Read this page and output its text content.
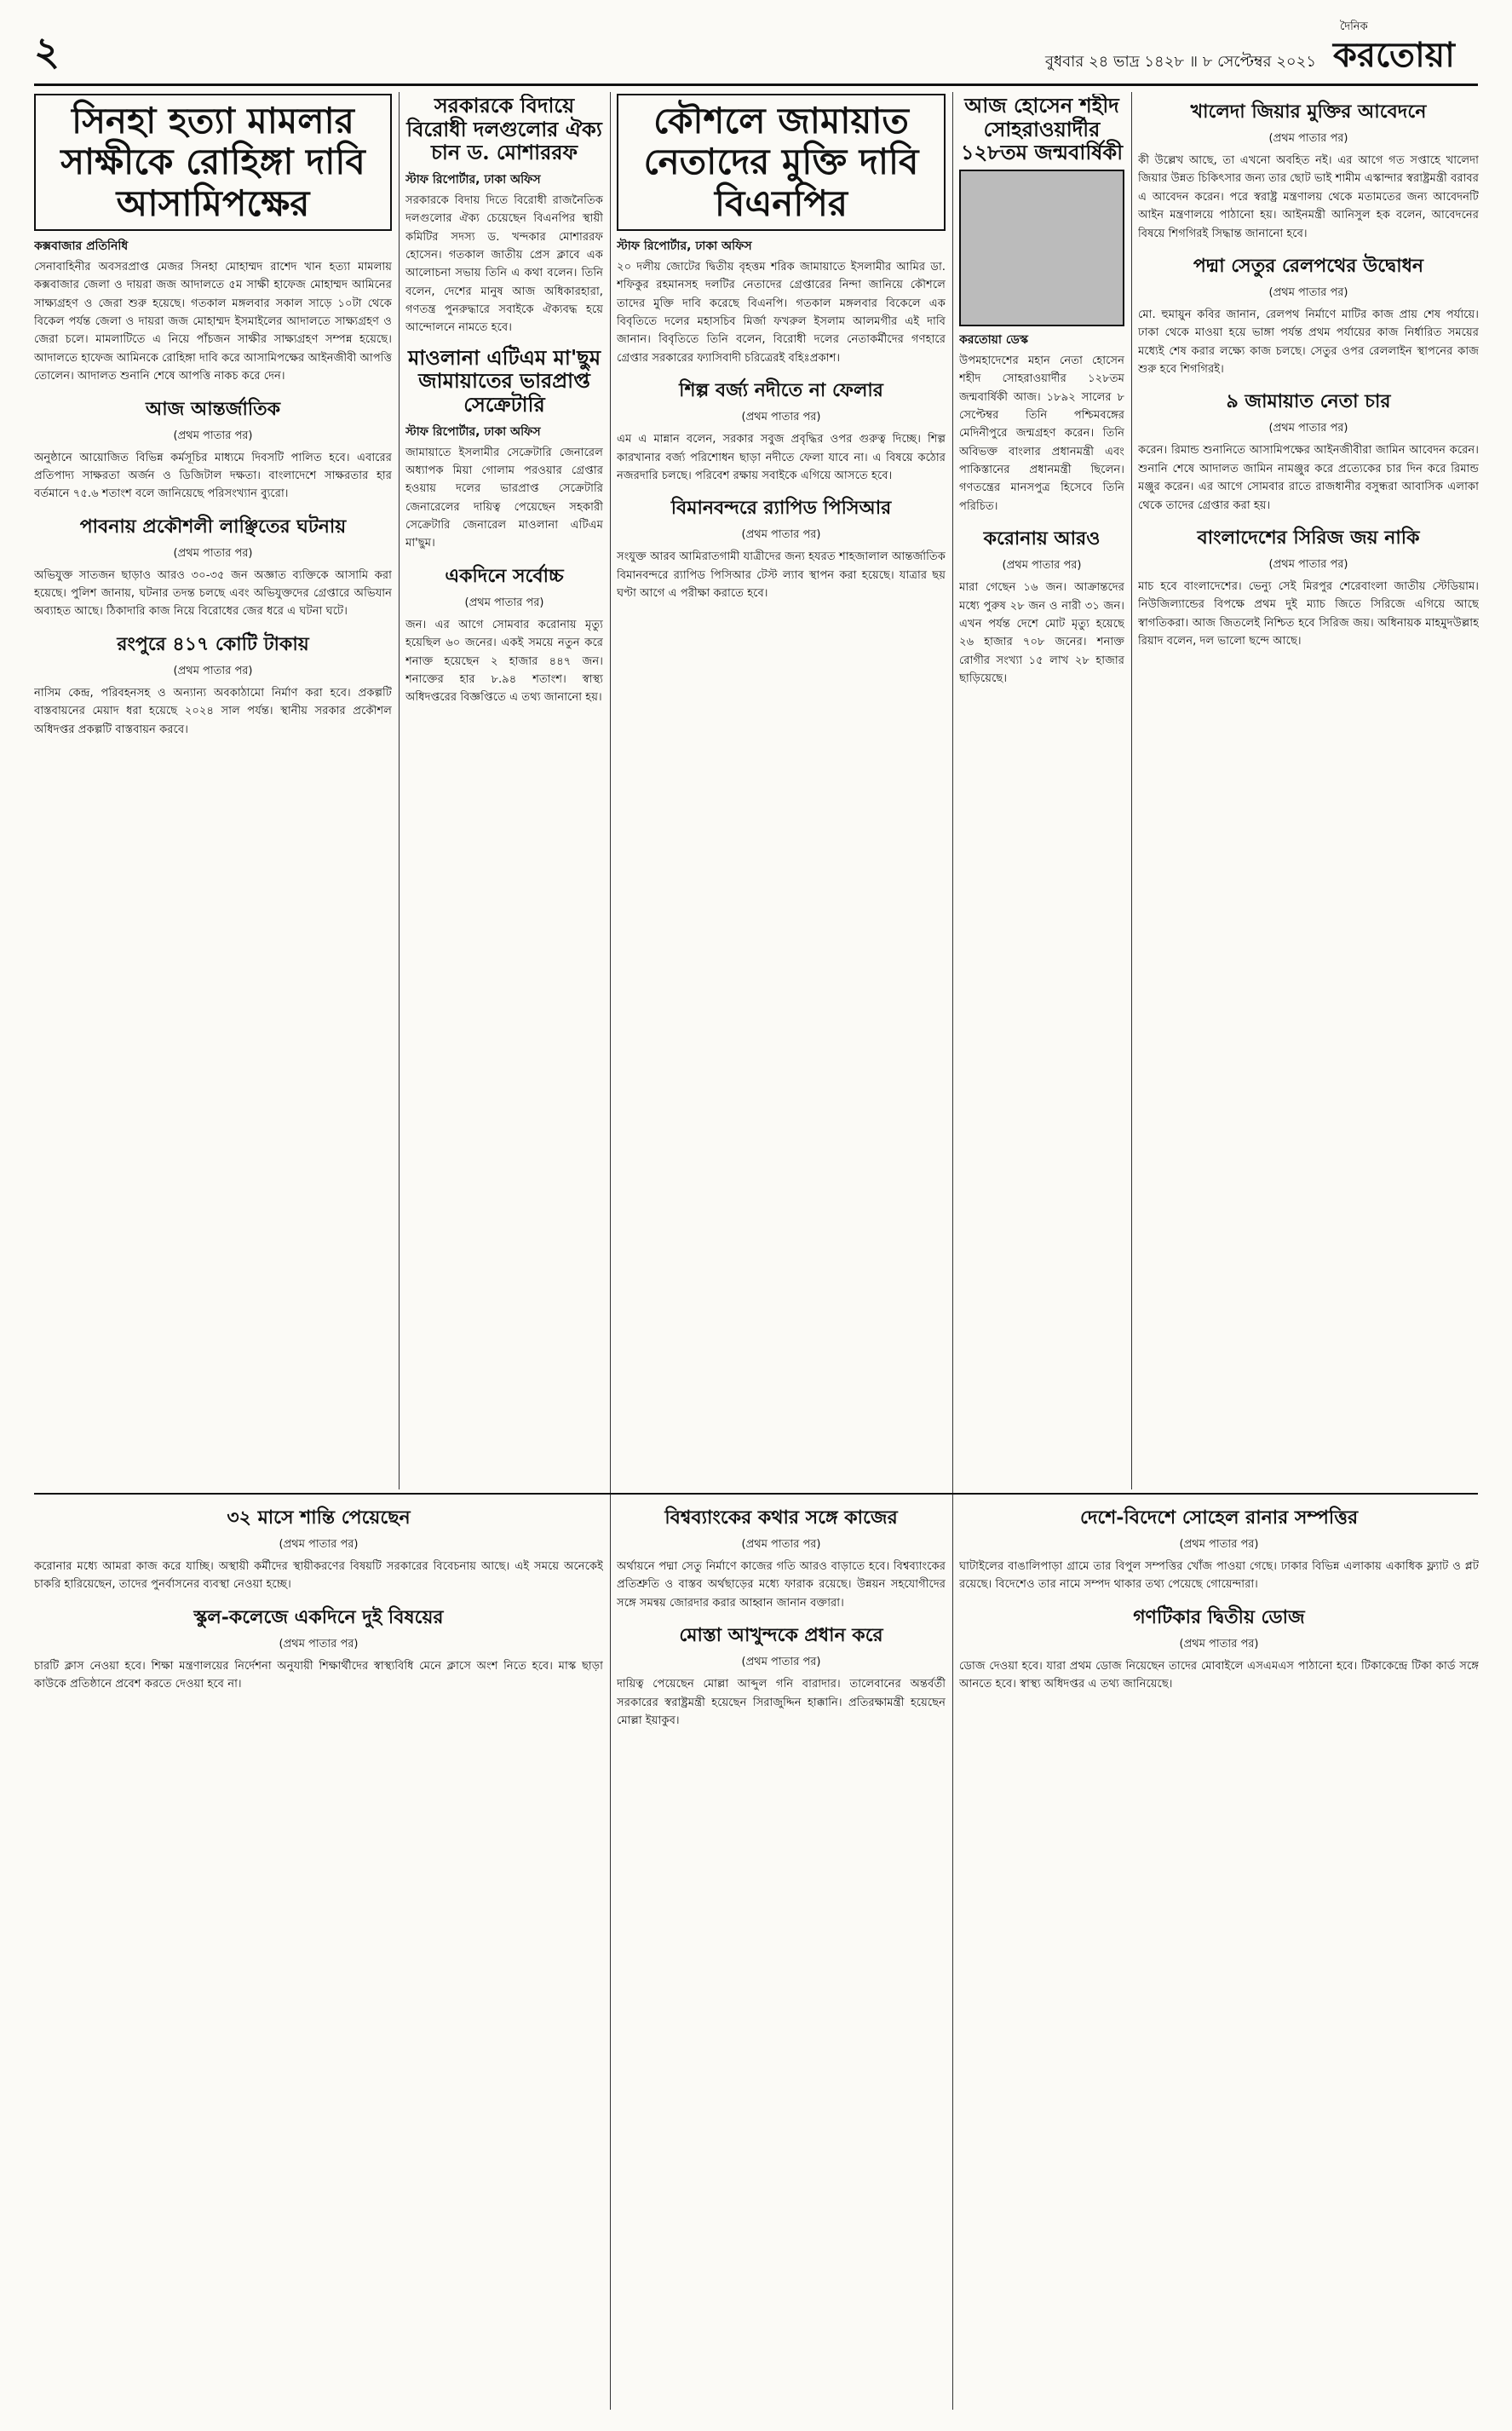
২	বুধবার ২৪ ভাদ্র ১৪২৮ ॥ ৮ সেপ্টেম্বর ২০২১
দৈনিক
করতোয়া
সিনহা হত্যা মামলার সাক্ষীকে রোহিঙ্গা দাবি আসামিপক্ষের
কক্সবাজার প্রতিনিধি
সেনাবাহিনীর অবসরপ্রাপ্ত মেজর সিনহা মোহাম্মদ রাশেদ খান হত্যা মামলায় কক্সবাজার জেলা ও দায়রা জজ আদালতে ৫ম সাক্ষী হাফেজ মোহাম্মদ আমিনের সাক্ষ্যগ্রহণ ও জেরা শুরু হয়েছে। গতকাল মঙ্গলবার সকাল সাড়ে ১০টা থেকে বিকেল পর্যন্ত জেলা ও দায়রা জজ মোহাম্মদ ইসমাইলের আদালতে সাক্ষ্যগ্রহণ ও জেরা চলে। মামলাটিতে এ নিয়ে পাঁচজন সাক্ষীর সাক্ষ্যগ্রহণ সম্পন্ন হয়েছে। আদালতে হাফেজ আমিনকে রোহিঙ্গা দাবি করে আসামিপক্ষের আইনজীবী আপত্তি তোলেন। আদালত শুনানি শেষে আপত্তি নাকচ করে দেন।
আজ আন্তর্জাতিক
(প্রথম পাতার পর)
অনুষ্ঠানে আয়োজিত বিভিন্ন কর্মসূচির মাধ্যমে দিবসটি পালিত হবে। এবারের প্রতিপাদ্য সাক্ষরতা অর্জন ও ডিজিটাল দক্ষতা। বাংলাদেশে সাক্ষরতার হার বর্তমানে ৭৫.৬ শতাংশ বলে জানিয়েছে পরিসংখ্যান ব্যুরো।
পাবনায় প্রকৌশলী লাঞ্ছিতের ঘটনায়
(প্রথম পাতার পর)
অভিযুক্ত সাতজন ছাড়াও আরও ৩০-৩৫ জন অজ্ঞাত ব্যক্তিকে আসামি করা হয়েছে। পুলিশ জানায়, ঘটনার তদন্ত চলছে এবং অভিযুক্তদের গ্রেপ্তারে অভিযান অব্যাহত আছে। ঠিকাদারি কাজ নিয়ে বিরোধের জের ধরে এ ঘটনা ঘটে।
রংপুরে ৪১৭ কোটি টাকায়
(প্রথম পাতার পর)
নাসিম কেন্দ্র, পরিবহনসহ ও অন্যান্য অবকাঠামো নির্মাণ করা হবে। প্রকল্পটি বাস্তবায়নের মেয়াদ ধরা হয়েছে ২০২৪ সাল পর্যন্ত। স্থানীয় সরকার প্রকৌশল অধিদপ্তর প্রকল্পটি বাস্তবায়ন করবে।
সরকারকে বিদায়ে বিরোধী দলগুলোর ঐক্য চান ড. মোশাররফ
স্টাফ রিপোর্টার, ঢাকা অফিস
সরকারকে বিদায় দিতে বিরোধী রাজনৈতিক দলগুলোর ঐক্য চেয়েছেন বিএনপির স্থায়ী কমিটির সদস্য ড. খন্দকার মোশাররফ হোসেন। গতকাল জাতীয় প্রেস ক্লাবে এক আলোচনা সভায় তিনি এ কথা বলেন। তিনি বলেন, দেশের মানুষ আজ অধিকারহারা, গণতন্ত্র পুনরুদ্ধারে সবাইকে ঐক্যবদ্ধ হয়ে আন্দোলনে নামতে হবে।
মাওলানা এটিএম মা'ছুম জামায়াতের ভারপ্রাপ্ত সেক্রেটারি
স্টাফ রিপোর্টার, ঢাকা অফিস
জামায়াতে ইসলামীর সেক্রেটারি জেনারেল অধ্যাপক মিয়া গোলাম পরওয়ার গ্রেপ্তার হওয়ায় দলের ভারপ্রাপ্ত সেক্রেটারি জেনারেলের দায়িত্ব পেয়েছেন সহকারী সেক্রেটারি জেনারেল মাওলানা এটিএম মা'ছুম।
একদিনে সর্বোচ্চ
(প্রথম পাতার পর)
জন। এর আগে সোমবার করোনায় মৃত্যু হয়েছিল ৬০ জনের। একই সময়ে নতুন করে শনাক্ত হয়েছেন ২ হাজার ৪৪৭ জন। শনাক্তের হার ৮.৯৪ শতাংশ। স্বাস্থ্য অধিদপ্তরের বিজ্ঞপ্তিতে এ তথ্য জানানো হয়।
কৌশলে জামায়াত নেতাদের মুক্তি দাবি বিএনপির
স্টাফ রিপোর্টার, ঢাকা অফিস
২০ দলীয় জোটের দ্বিতীয় বৃহত্তম শরিক জামায়াতে ইসলামীর আমির ডা. শফিকুর রহমানসহ দলটির নেতাদের গ্রেপ্তারের নিন্দা জানিয়ে কৌশলে তাদের মুক্তি দাবি করেছে বিএনপি। গতকাল মঙ্গলবার বিকেলে এক বিবৃতিতে দলের মহাসচিব মির্জা ফখরুল ইসলাম আলমগীর এই দাবি জানান। বিবৃতিতে তিনি বলেন, বিরোধী দলের নেতাকর্মীদের গণহারে গ্রেপ্তার সরকারের ফ্যাসিবাদী চরিত্রেরই বহিঃপ্রকাশ।
শিল্প বর্জ্য নদীতে না ফেলার
(প্রথম পাতার পর)
এম এ মান্নান বলেন, সরকার সবুজ প্রবৃদ্ধির ওপর গুরুত্ব দিচ্ছে। শিল্প কারখানার বর্জ্য পরিশোধন ছাড়া নদীতে ফেলা যাবে না। এ বিষয়ে কঠোর নজরদারি চলছে। পরিবেশ রক্ষায় সবাইকে এগিয়ে আসতে হবে।
বিমানবন্দরে র‌্যাপিড পিসিআর
(প্রথম পাতার পর)
সংযুক্ত আরব আমিরাতগামী যাত্রীদের জন্য হযরত শাহজালাল আন্তর্জাতিক বিমানবন্দরে র‌্যাপিড পিসিআর টেস্ট ল্যাব স্থাপন করা হয়েছে। যাত্রার ছয় ঘণ্টা আগে এ পরীক্ষা করাতে হবে।
আজ হোসেন শহীদ সোহরাওয়ার্দীর ১২৮তম জন্মবার্ষিকী
করতোয়া ডেস্ক
উপমহাদেশের মহান নেতা হোসেন শহীদ সোহরাওয়ার্দীর ১২৮তম জন্মবার্ষিকী আজ। ১৮৯২ সালের ৮ সেপ্টেম্বর তিনি পশ্চিমবঙ্গের মেদিনীপুরে জন্মগ্রহণ করেন। তিনি অবিভক্ত বাংলার প্রধানমন্ত্রী এবং পাকিস্তানের প্রধানমন্ত্রী ছিলেন। গণতন্ত্রের মানসপুত্র হিসেবে তিনি পরিচিত।
করোনায় আরও
(প্রথম পাতার পর)
মারা গেছেন ১৬ জন। আক্রান্তদের মধ্যে পুরুষ ২৮ জন ও নারী ৩১ জন। এখন পর্যন্ত দেশে মোট মৃত্যু হয়েছে ২৬ হাজার ৭০৮ জনের। শনাক্ত রোগীর সংখ্যা ১৫ লাখ ২৮ হাজার ছাড়িয়েছে।
খালেদা জিয়ার মুক্তির আবেদনে
(প্রথম পাতার পর)
কী উল্লেখ আছে, তা এখনো অবহিত নই। এর আগে গত সপ্তাহে খালেদা জিয়ার উন্নত চিকিৎসার জন্য তার ছোট ভাই শামীম এস্কান্দার স্বরাষ্ট্রমন্ত্রী বরাবর এ আবেদন করেন। পরে স্বরাষ্ট্র মন্ত্রণালয় থেকে মতামতের জন্য আবেদনটি আইন মন্ত্রণালয়ে পাঠানো হয়। আইনমন্ত্রী আনিসুল হক বলেন, আবেদনের বিষয়ে শিগগিরই সিদ্ধান্ত জানানো হবে।
পদ্মা সেতুর রেলপথের উদ্বোধন
(প্রথম পাতার পর)
মো. হুমায়ুন কবির জানান, রেলপথ নির্মাণে মাটির কাজ প্রায় শেষ পর্যায়ে। ঢাকা থেকে মাওয়া হয়ে ভাঙ্গা পর্যন্ত প্রথম পর্যায়ের কাজ নির্ধারিত সময়ের মধ্যেই শেষ করার লক্ষ্যে কাজ চলছে। সেতুর ওপর রেললাইন স্থাপনের কাজ শুরু হবে শিগগিরই।
৯ জামায়াত নেতা চার
(প্রথম পাতার পর)
করেন। রিমান্ড শুনানিতে আসামিপক্ষের আইনজীবীরা জামিন আবেদন করেন। শুনানি শেষে আদালত জামিন নামঞ্জুর করে প্রত্যেকের চার দিন করে রিমান্ড মঞ্জুর করেন। এর আগে সোমবার রাতে রাজধানীর বসুন্ধরা আবাসিক এলাকা থেকে তাদের গ্রেপ্তার করা হয়।
বাংলাদেশের সিরিজ জয় নাকি
(প্রথম পাতার পর)
মাচ হবে বাংলাদেশের। ভেন্যু সেই মিরপুর শেরেবাংলা জাতীয় স্টেডিয়াম। নিউজিল্যান্ডের বিপক্ষে প্রথম দুই ম্যাচ জিতে সিরিজে এগিয়ে আছে স্বাগতিকরা। আজ জিতলেই নিশ্চিত হবে সিরিজ জয়। অধিনায়ক মাহমুদউল্লাহ রিয়াদ বলেন, দল ভালো ছন্দে আছে।
৩২ মাসে শান্তি পেয়েছেন
(প্রথম পাতার পর)
করোনার মধ্যে আমরা কাজ করে যাচ্ছি। অস্থায়ী কর্মীদের স্থায়ীকরণের বিষয়টি সরকারের বিবেচনায় আছে। এই সময়ে অনেকেই চাকরি হারিয়েছেন, তাদের পুনর্বাসনের ব্যবস্থা নেওয়া হচ্ছে।
স্কুল-কলেজে একদিনে দুই বিষয়ের
(প্রথম পাতার পর)
চারটি ক্লাস নেওয়া হবে। শিক্ষা মন্ত্রণালয়ের নির্দেশনা অনুযায়ী শিক্ষার্থীদের স্বাস্থ্যবিধি মেনে ক্লাসে অংশ নিতে হবে। মাস্ক ছাড়া কাউকে প্রতিষ্ঠানে প্রবেশ করতে দেওয়া হবে না।
বিশ্বব্যাংকের কথার সঙ্গে কাজের
(প্রথম পাতার পর)
অর্থায়নে পদ্মা সেতু নির্মাণে কাজের গতি আরও বাড়াতে হবে। বিশ্বব্যাংকের প্রতিশ্রুতি ও বাস্তব অর্থছাড়ের মধ্যে ফারাক রয়েছে। উন্নয়ন সহযোগীদের সঙ্গে সমন্বয় জোরদার করার আহ্বান জানান বক্তারা।
মোস্তা আখুন্দকে প্রধান করে
(প্রথম পাতার পর)
দায়িত্ব পেয়েছেন মোল্লা আব্দুল গনি বারাদার। তালেবানের অন্তর্বর্তী সরকারের স্বরাষ্ট্রমন্ত্রী হয়েছেন সিরাজুদ্দিন হাক্কানি। প্রতিরক্ষামন্ত্রী হয়েছেন মোল্লা ইয়াকুব।
দেশে-বিদেশে সোহেল রানার সম্পত্তির
(প্রথম পাতার পর)
ঘাটাইলের বাঙালিপাড়া গ্রামে তার বিপুল সম্পত্তির খোঁজ পাওয়া গেছে। ঢাকার বিভিন্ন এলাকায় একাধিক ফ্ল্যাট ও প্লট রয়েছে। বিদেশেও তার নামে সম্পদ থাকার তথ্য পেয়েছে গোয়েন্দারা।
গণটিকার দ্বিতীয় ডোজ
(প্রথম পাতার পর)
ডোজ দেওয়া হবে। যারা প্রথম ডোজ নিয়েছেন তাদের মোবাইলে এসএমএস পাঠানো হবে। টিকাকেন্দ্রে টিকা কার্ড সঙ্গে আনতে হবে। স্বাস্থ্য অধিদপ্তর এ তথ্য জানিয়েছে।
